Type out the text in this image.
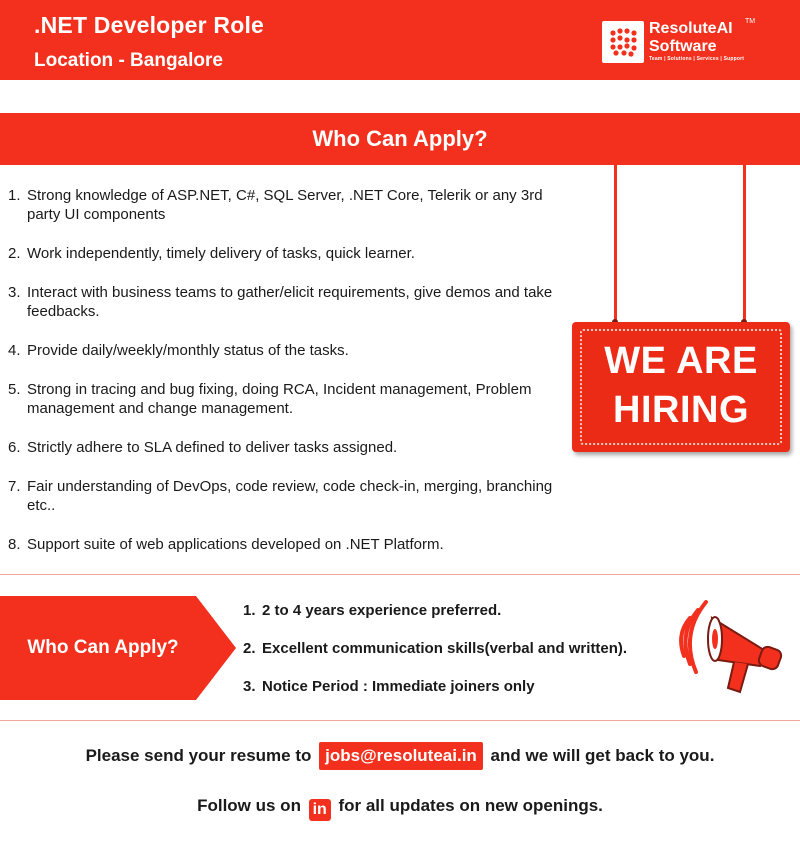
.NET Developer Role
Location - Bangalore
ResoluteAI
Software
TM
Team | Solutions | Services | Support
Who Can Apply?
1. Strong knowledge of ASP.NET, C#, SQL Server, .NET Core, Telerik or any 3rd party UI components
2. Work independently, timely delivery of tasks, quick learner.
3. Interact with business teams to gather/elicit requirements, give demos and take feedbacks.
4. Provide daily/weekly/monthly status of the tasks.
5. Strong in tracing and bug fixing, doing RCA, Incident management, Problem management and change management.
6. Strictly adhere to SLA defined to deliver tasks assigned.
7. Fair understanding of DevOps, code review, code check-in, merging, branching etc..
8. Support suite of web applications developed on .NET Platform.
WE ARE
HIRING
Who Can Apply?
1. 2 to 4 years experience preferred.
2. Excellent communication skills(verbal and written).
3. Notice Period : Immediate joiners only
Please send your resume to jobs@resoluteai.in and we will get back to you.
Follow us on in for all updates on new openings.
